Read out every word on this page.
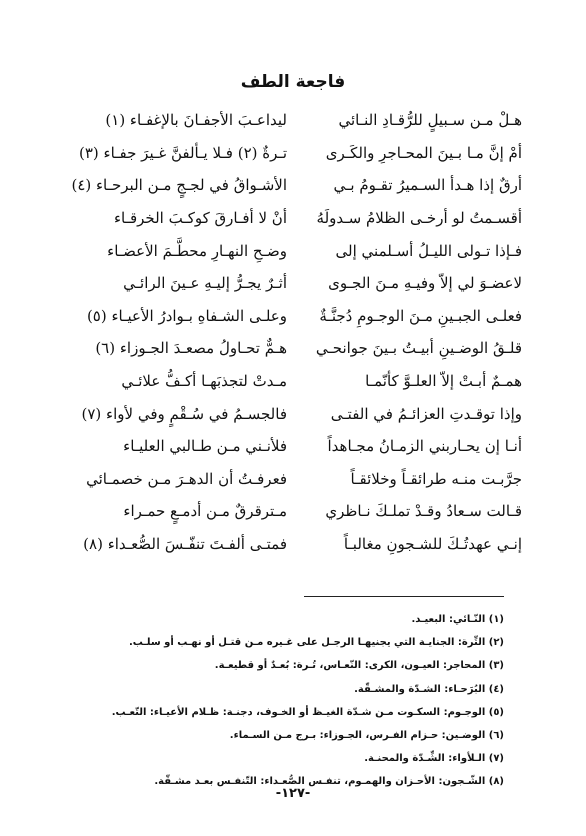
فاجعة الطف
هـلْ مـن سـبيلٍ للرُّقـادِ النـائي
ليداعـبَ الأجفـانَ بالإغفـاء (١)
أمْ إنَّ مـا بـينَ المحـاجرِ والكَـرى
تـرةٌ (٢) فـلا يـألفنَّ غـيرَ جفـاء (٣)
أرقٌ إذا هـدأ السـميرُ تقـومُ بـي
الأشـواقُ في لجـجٍ مـن البرحـاء (٤)
أقسـمتُ لو أرخـى الظلامُ سـدولَهُ
أنْ لا أفـارقَ كوكـبَ الخرقـاء
فـإذا تـولى الليـلُ أسـلمني إلى
وضـحِ النهـارِ محطَّـمَ الأعضـاء
لاعضـوَ لي إلاّ وفيـهِ مـنَ الجـوى
أثـرٌ يجـرُّ إليـهِ عـينَ الرائـي
فعلـى الجبـينِ مـنَ الوجـومِ دُجنَّـةٌ
وعلـى الشـفاهِ بـوادرُ الأعيـاء (٥)
قلـقُ الوضـينِ أبيـتُ بـينَ جوانحـي
هـمٌّ تحـاولُ مصعـدَ الجـوزاء (٦)
همـمٌ أبـتْ إلاّ العلـوَّ كأنّمـا
مـدتْ لتجذبَهـا أكـفُّ علائـي
وإذا توقـدتِ العزائـمُ في الفتـى
فالجسـمُ في سُـقْمٍ وفي لأواء (٧)
أنـا إن يحـاربني الزمـانُ مجـاهداً
فلأنـني مـن طـالبي العليـاء
جرَّبـت منـه طرائقـاً وخلائقـاً
فعرفـتُ أن الدهـرَ مـن خصمـائي
قـالت سـعادُ وقـدْ تملـكَ نـاظري
مـترقرقٌ مـن أدمـعٍ حمـراء
إنـي عهدتُـكَ للشـجونِ مغالبـاً
فمتـى ألفـتَ تنفّـسَ الصُّعـداء (٨)
(١) النّـائي: البعيـد.
(٢) التِّرة: الجنايـة التي يجنيهـا الرجـل على غـيره مـن قتـل أو نهـب أو سلـب.
(٣) المحاجر: العيـون، الكرى: النّعـاس، تُـرة: بُعـدٌ أو قطيعـة.
(٤) البُرَحـاء: الشـدّة والمشـقّة.
(٥) الوجـوم: السكـوت مـن شـدّة الغيـظ أو الخـوف، دجنـة: ظـلام الأعيـاء: التّعـب.
(٦) الوضـين: حـزام الفـرس، الجـوزاء: بـرج مـن السـماء.
(٧) الـلأواء: الشِّـدّة والمحنـة.
(٨) الشّـجون: الأحـزان والهمـوم، تنفـس الصُّعـداء: التّنفـس بعـد مشـقّة.
-١٢٧-
